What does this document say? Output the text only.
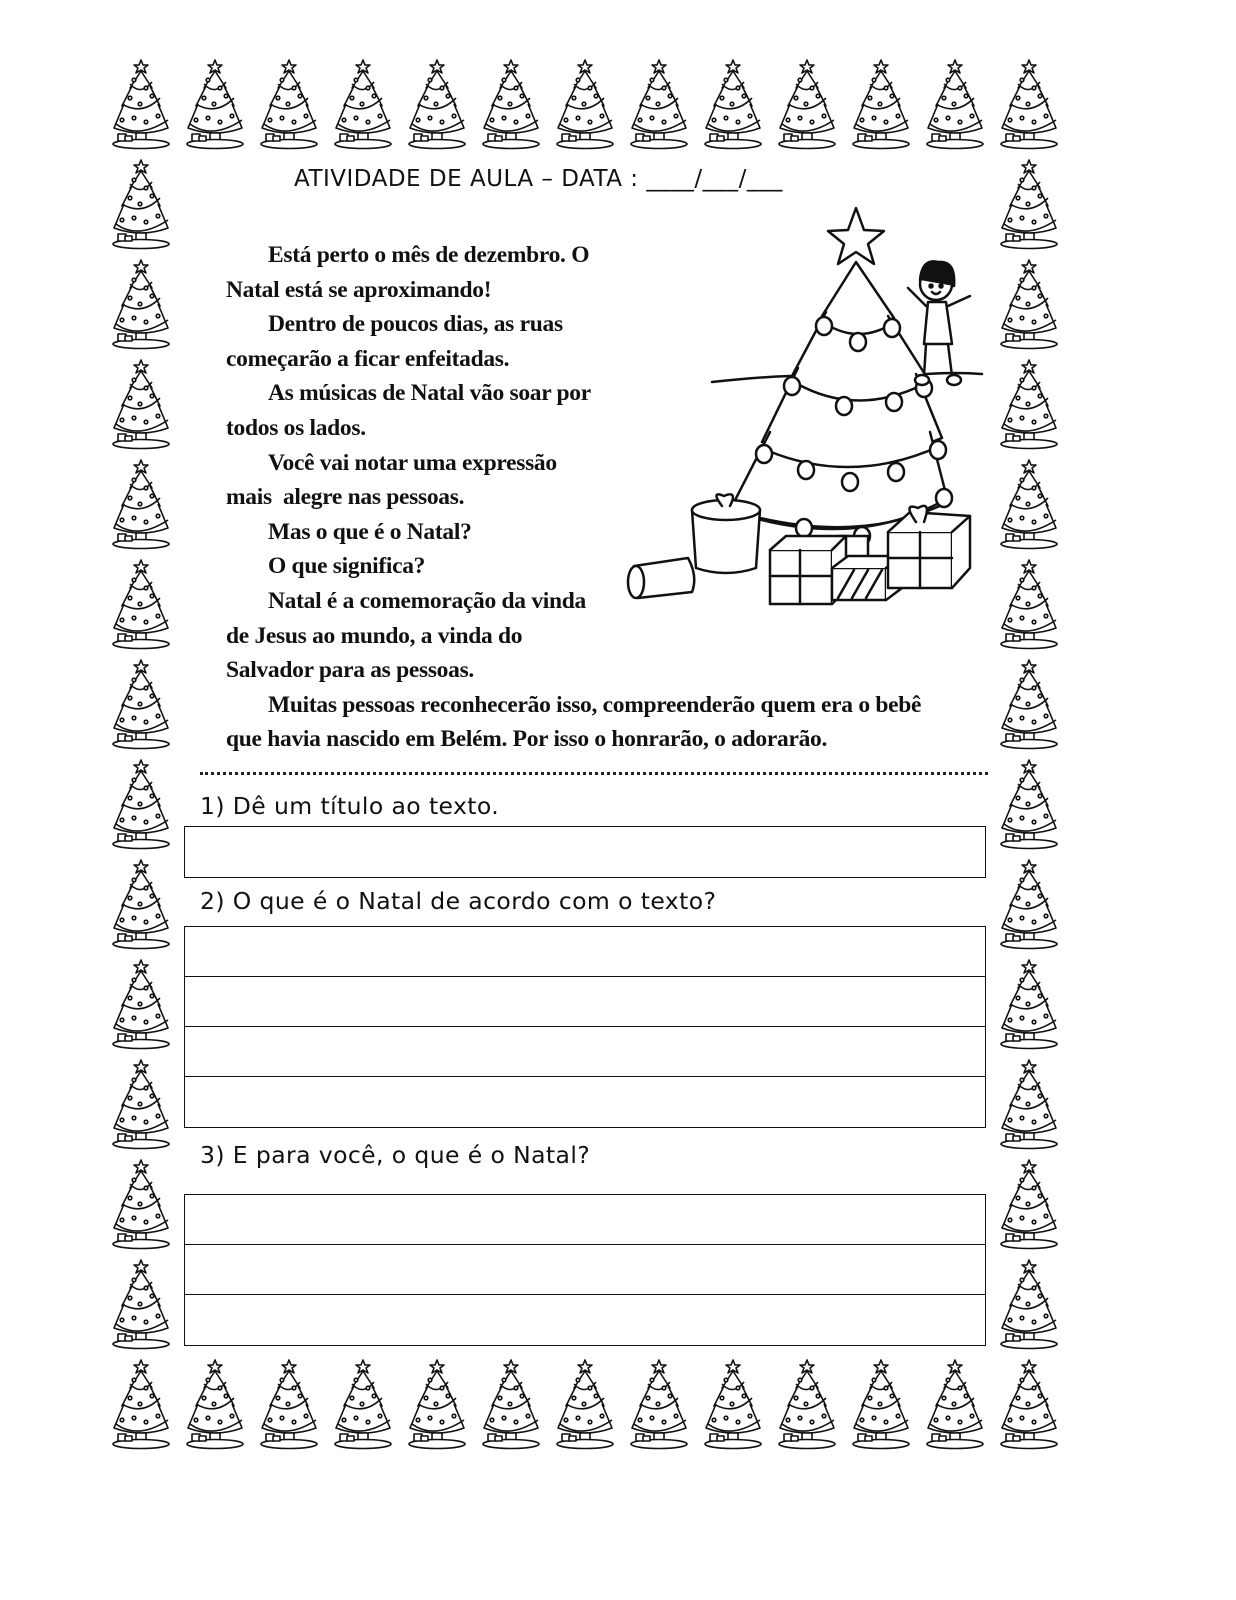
ATIVIDADE DE AULA – DATA : ____/___/___
Está perto o mês de dezembro. O
Natal está se aproximando!
Dentro de poucos dias, as ruas
começarão a ficar enfeitadas.
As músicas de Natal vão soar por
todos os lados.
Você vai notar uma expressão
mais  alegre nas pessoas.
Mas o que é o Natal?
O que significa?
Natal é a comemoração da vinda
de Jesus ao mundo, a vinda do
Salvador para as pessoas.
Muitas pessoas reconhecerão isso, compreenderão quem era o bebê
que havia nascido em Belém. Por isso o honrarão, o adorarão.
1) Dê um título ao texto.
2) O que é o Natal de acordo com o texto?
3) E para você, o que é o Natal?
